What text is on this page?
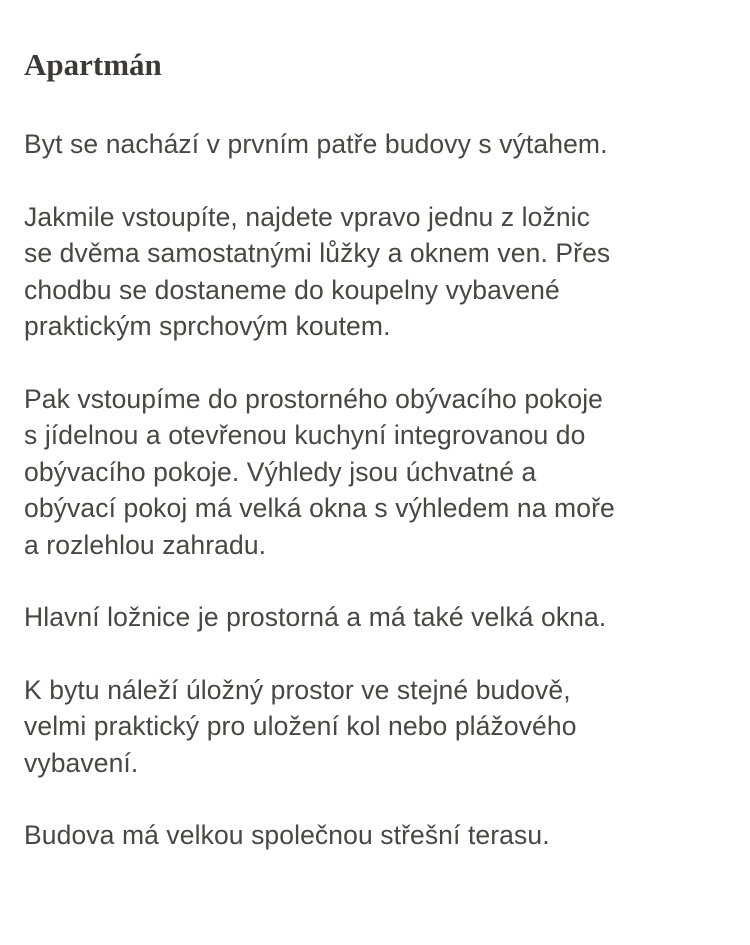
Apartmán

Byt se nachází v prvním patře budovy s výtahem.

Jakmile vstoupíte, najdete vpravo jednu z ložnic
se dvěma samostatnými lůžky a oknem ven. Přes
chodbu se dostaneme do koupelny vybavené
praktickým sprchovým koutem.

Pak vstoupíme do prostorného obývacího pokoje
s jídelnou a otevřenou kuchyní integrovanou do
obývacího pokoje. Výhledy jsou úchvatné a
obývací pokoj má velká okna s výhledem na moře
a rozlehlou zahradu.

Hlavní ložnice je prostorná a má také velká okna.

K bytu náleží úložný prostor ve stejné budově,
velmi praktický pro uložení kol nebo plážového
vybavení.

Budova má velkou společnou střešní terasu.
